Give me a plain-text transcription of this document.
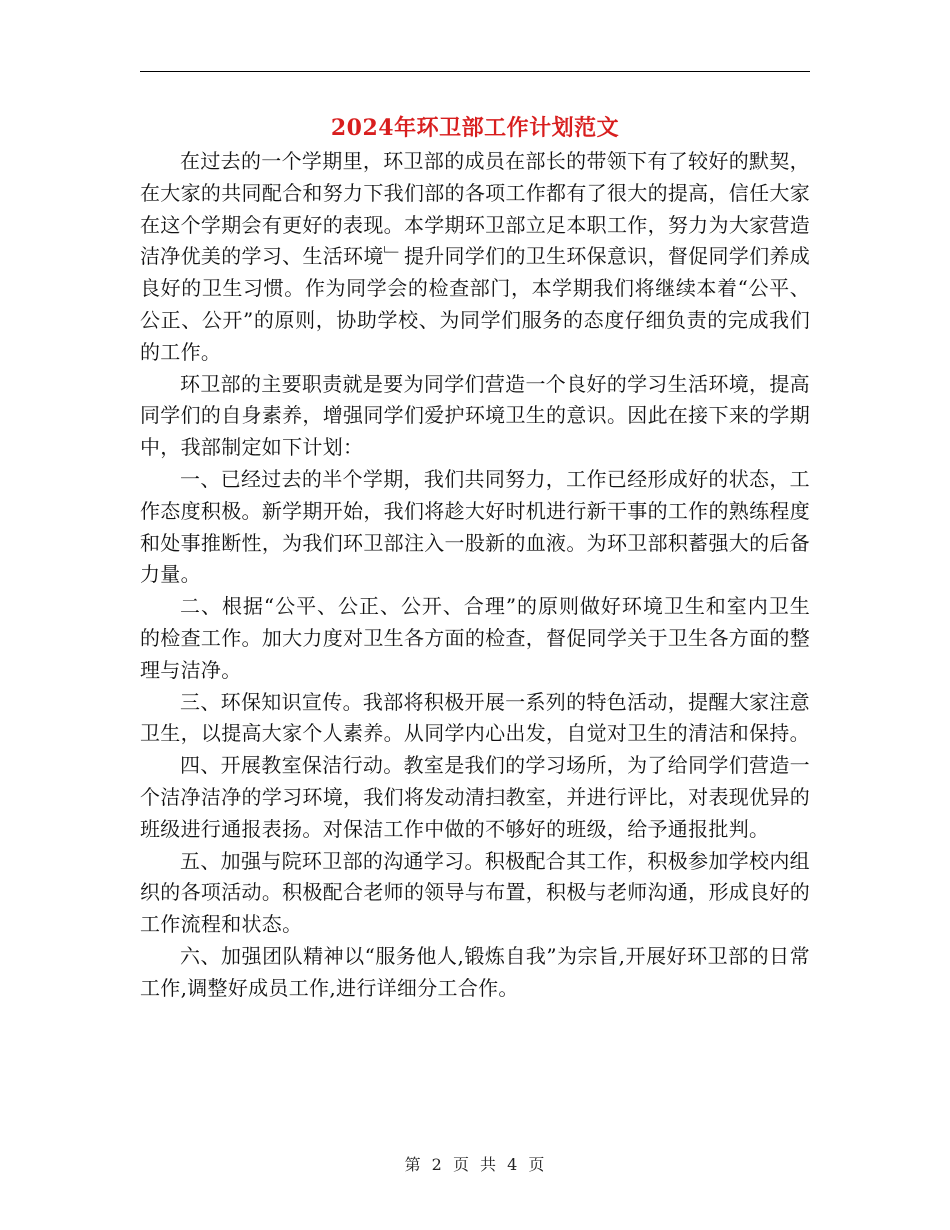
2024年环卫部工作计划范文

在过去的一个学期里，环卫部的成员在部长的带领下有了较好的默契，在大家的共同配合和努力下我们部的各项工作都有了很大的提高，信任大家在这个学期会有更好的表现。本学期环卫部立足本职工作，努力为大家营造洁净优美的学习、生活环境﹂提升同学们的卫生环保意识，督促同学们养成良好的卫生习惯。作为同学会的检查部门，本学期我们将继续本着“公平、公正、公开”的原则，协助学校、为同学们服务的态度仔细负责的完成我们的工作。

环卫部的主要职责就是要为同学们营造一个良好的学习生活环境，提高同学们的自身素养，增强同学们爱护环境卫生的意识。因此在接下来的学期中，我部制定如下计划：

一、已经过去的半个学期，我们共同努力，工作已经形成好的状态，工作态度积极。新学期开始，我们将趁大好时机进行新干事的工作的熟练程度和处事推断性，为我们环卫部注入一股新的血液。为环卫部积蓄强大的后备力量。

二、根据“公平、公正、公开、合理”的原则做好环境卫生和室内卫生的检查工作。加大力度对卫生各方面的检查，督促同学关于卫生各方面的整理与洁净。

三、环保知识宣传。我部将积极开展一系列的特色活动，提醒大家注意卫生，以提高大家个人素养。从同学内心出发，自觉对卫生的清洁和保持。

四、开展教室保洁行动。教室是我们的学习场所，为了给同学们营造一个洁净洁净的学习环境，我们将发动清扫教室，并进行评比，对表现优异的班级进行通报表扬。对保洁工作中做的不够好的班级，给予通报批判。

五、加强与院环卫部的沟通学习。积极配合其工作，积极参加学校内组织的各项活动。积极配合老师的领导与布置，积极与老师沟通，形成良好的工作流程和状态。

六、加强团队精神以“服务他人,锻炼自我”为宗旨,开展好环卫部的日常工作,调整好成员工作,进行详细分工合作。

第 2 页 共 4 页
